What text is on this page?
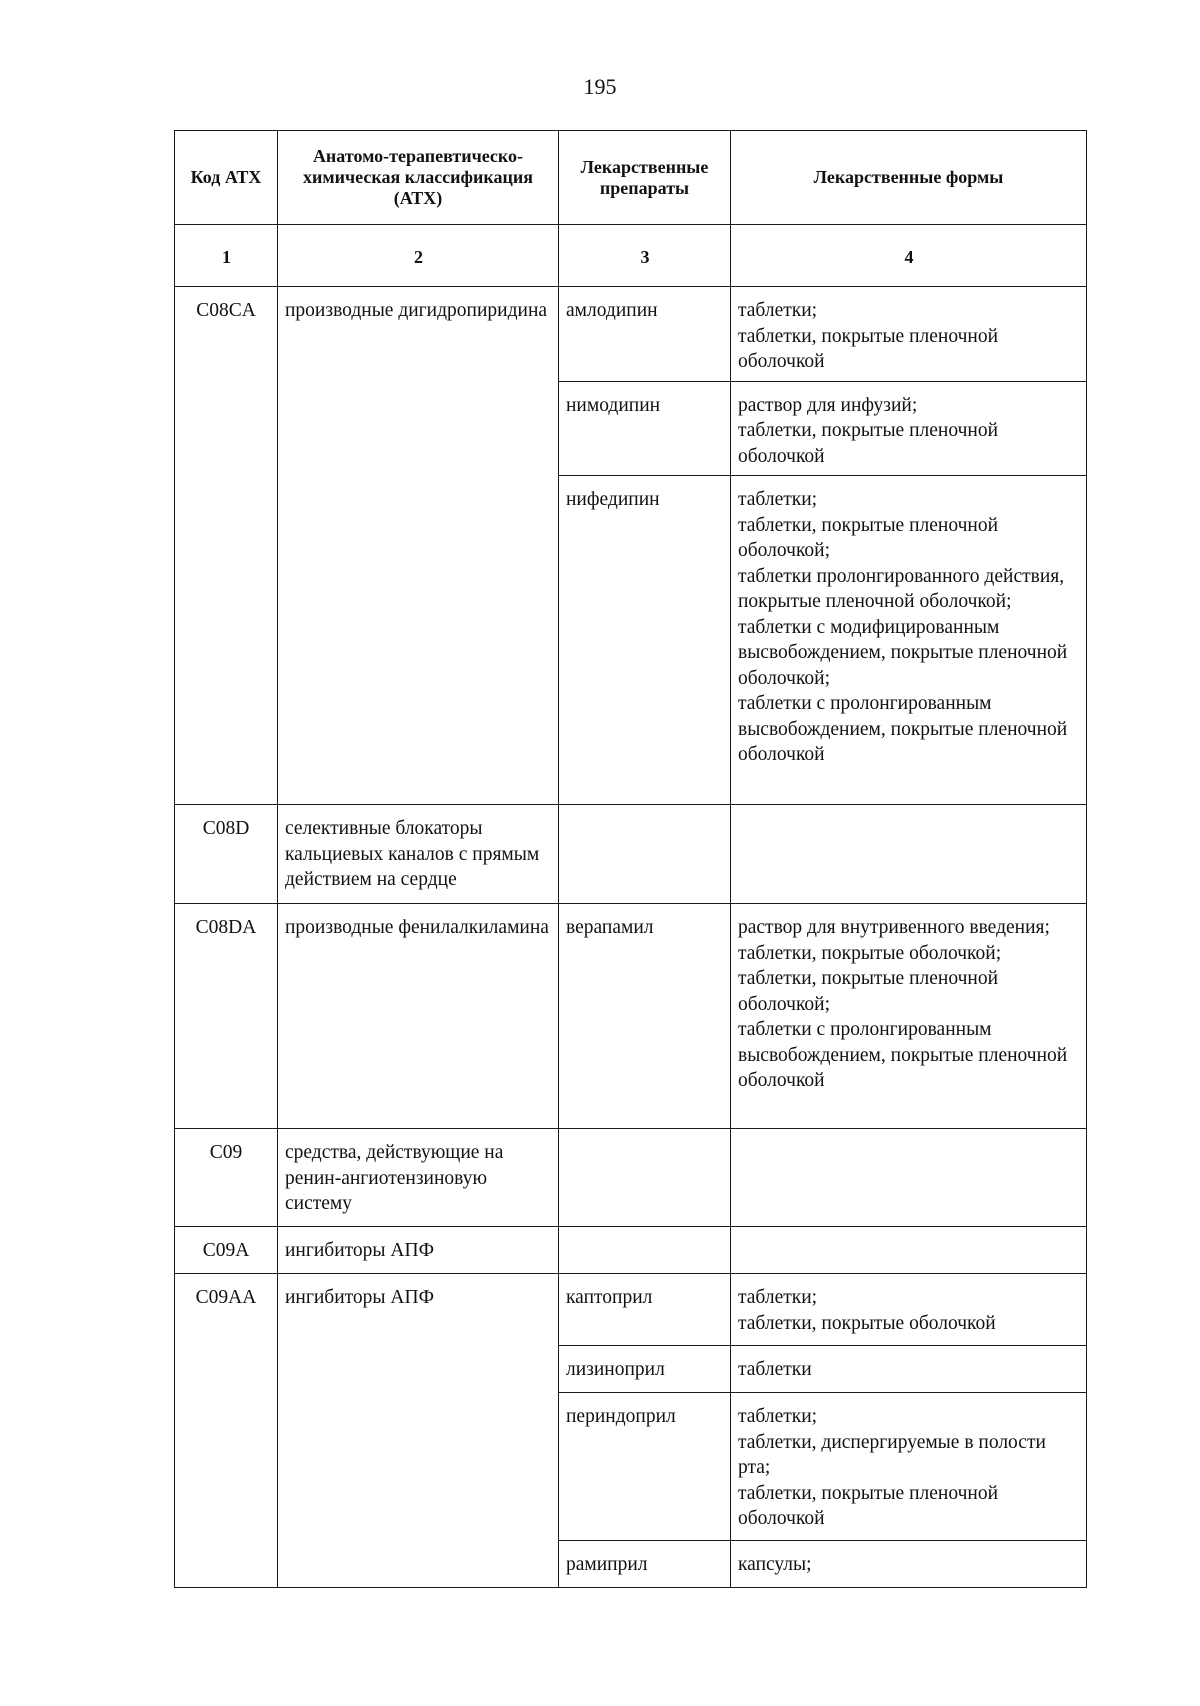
195
Код АТХ	Анатомо-терапевтическо-химическая классификация (АТХ)	Лекарственные препараты	Лекарственные формы
1	2	3	4
C08CA	производные дигидропиридина	амлодипин	таблетки;
таблетки, покрытые пленочной оболочкой

		нимодипин	раствор для инфузий;
таблетки, покрытые пленочной оболочкой

		нифедипин	таблетки;
таблетки, покрытые пленочной оболочкой;
таблетки пролонгированного действия, покрытые пленочной оболочкой;
таблетки с модифицированным высвобождением, покрытые пленочной оболочкой;
таблетки с пролонгированным высвобождением, покрытые пленочной оболочкой

C08D	селективные блокаторы кальциевых каналов с прямым действием на сердце		
C08DA	производные фенилалкиламина	верапамил	раствор для внутривенного введения;
таблетки, покрытые оболочкой;
таблетки, покрытые пленочной оболочкой;
таблетки с пролонгированным высвобождением, покрытые пленочной оболочкой

C09	средства, действующие на ренин-ангиотензиновую систему		
C09A	ингибиторы АПФ		
C09AA	ингибиторы АПФ	каптоприл	таблетки;
таблетки, покрытые оболочкой

		лизиноприл	таблетки

		периндоприл	таблетки;
таблетки, диспергируемые в полости рта;
таблетки, покрытые пленочной оболочкой

		рамиприл	капсулы;
